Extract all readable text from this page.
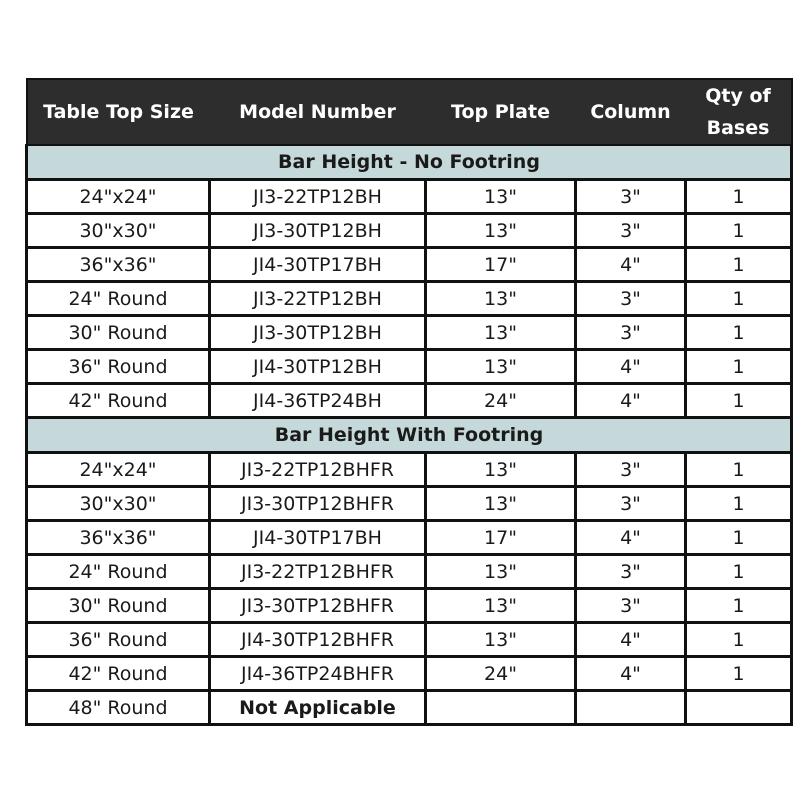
Table Top Size	Model Number	Top Plate	Column	Qty of
Bases

Bar Height - No Footring				
24"x24"	JI3-22TP12BH	13"	3"	1
30"x30"	JI3-30TP12BH	13"	3"	1
36"x36"	JI4-30TP17BH	17"	4"	1
24" Round	JI3-22TP12BH	13"	3"	1
30" Round	JI3-30TP12BH	13"	3"	1
36" Round	JI4-30TP12BH	13"	4"	1
42" Round	JI4-36TP24BH	24"	4"	1
Bar Height With Footring				
24"x24"	JI3-22TP12BHFR	13"	3"	1
30"x30"	JI3-30TP12BHFR	13"	3"	1
36"x36"	JI4-30TP17BH	17"	4"	1
24" Round	JI3-22TP12BHFR	13"	3"	1
30" Round	JI3-30TP12BHFR	13"	3"	1
36" Round	JI4-30TP12BHFR	13"	4"	1
42" Round	JI4-36TP24BHFR	24"	4"	1
48" Round	Not Applicable			
